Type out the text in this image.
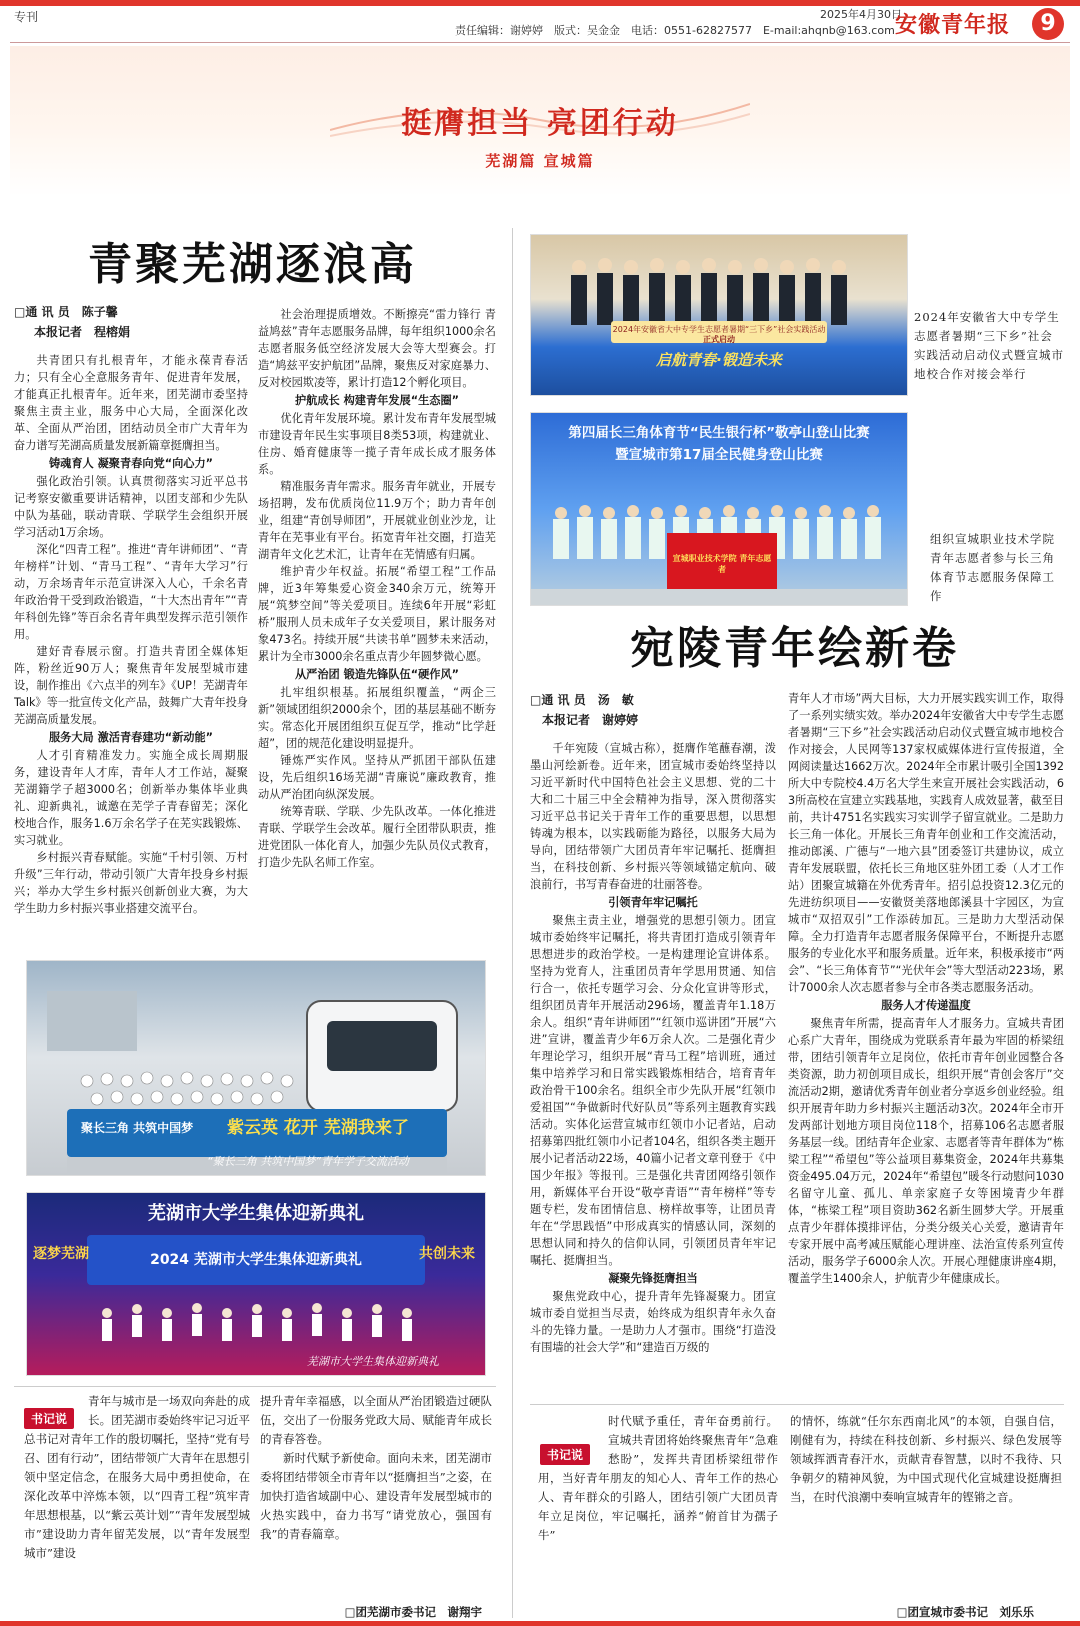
专刊	2025年4月30日
责任编辑：谢婷婷　版式：吴金金　电话：0551-62827577　E-mail:ahqnb@163.com 安徽青年报	9
挺膺担当 亮团行动
芜湖篇 宣城篇
青聚芜湖逐浪高
□通 讯 员　陈子馨
本报记者　程榕娟

共青团只有扎根青年，才能永葆青春活力；只有全心全意服务青年、促进青年发展，才能真正扎根青年。近年来，团芜湖市委坚持聚焦主责主业，服务中心大局，全面深化改革、全面从严治团，团结动员全市广大青年为奋力谱写芜湖高质量发展新篇章挺膺担当。

铸魂育人 凝聚青春向党“向心力”

强化政治引领。认真贯彻落实习近平总书记考察安徽重要讲话精神，以团支部和少先队中队为基础，联动青联、学联学生会组织开展学习活动1万余场。

深化“四青工程”。推进“青年讲师团”、“青年榜样”计划、“青马工程”、“青年大学习”行动，万余场青年示范宣讲深入人心，千余名青年政治骨干受到政治锻造，“十大杰出青年”“青年科创先锋”等百余名青年典型发挥示范引领作用。

建好青春展示窗。打造共青团全媒体矩阵，粉丝近90万人；聚焦青年发展型城市建设，制作推出《六点半的列车》《UP！芜湖青年Talk》等一批宣传文化产品，鼓舞广大青年投身芜湖高质量发展。

服务大局 激活青春建功“新动能”

人才引育精准发力。实施全成长周期服务，建设青年人才库，青年人才工作站，凝聚芜湖籍学子超3000名；创新举办集体毕业典礼、迎新典礼，诚邀在芜学子青春留芜；深化校地合作，服务1.6万余名学子在芜实践锻炼、实习就业。

乡村振兴青春赋能。实施“千村引领、万村升级”三年行动，带动引领广大青年投身乡村振兴；举办大学生乡村振兴创新创业大赛，为大学生助力乡村振兴事业搭建交流平台。

社会治理提质增效。不断擦亮“雷力锋行 青益鸠兹”青年志愿服务品牌，每年组织1000余名志愿者服务低空经济发展大会等大型赛会。打造“鸠兹平安护航团”品牌，聚焦反对家庭暴力、反对校园欺凌等，累计打造12个孵化项目。

护航成长 构建青年发展“生态圈”

优化青年发展环境。累计发布青年发展型城市建设青年民生实事项目8类53项，构建就业、住房、婚育健康等一揽子青年成长成才服务体系。

精准服务青年需求。服务青年就业，开展专场招聘，发布优质岗位11.9万个；助力青年创业，组建“青创导师团”，开展就业创业沙龙，让青年在芜事业有平台。拓宽青年社交圈，打造芜湖青年文化艺术汇，让青年在芜情感有归属。

维护青少年权益。拓展“希望工程”工作品牌，近3年筹集爱心资金340余万元，统筹开展“筑梦空间”等关爱项目。连续6年开展“彩虹桥”服刑人员未成年子女关爱项目，累计服务对象473名。持续开展“共读书单”圆梦未来活动，累计为全市3000余名重点青少年圆梦微心愿。

从严治团 锻造先锋队伍“硬作风”

扎牢组织根基。拓展组织覆盖，“两企三新”领域团组织2000余个，团的基层基础不断夯实。常态化开展团组织互促互学，推动“比学赶超”，团的规范化建设明显提升。

锤炼严实作风。坚持从严抓团干部队伍建设，先后组织16场芜湖“青廉说”廉政教育，推动从严治团向纵深发展。

统筹青联、学联、少先队改革。一体化推进青联、学联学生会改革。履行全团带队职责，推进党团队一体化育人，加强少先队员仪式教育，打造少先队名师工作室。

聚长三角 共筑中国梦 紫云英 花开 芜湖我来了
“聚长三角 共筑中国梦”青年学子交流活动
芜湖市大学生集体迎新典礼
2024 芜湖市大学生集体迎新典礼
逐梦芜湖	共创未来
芜湖市大学生集体迎新典礼
书记说
青年与城市是一场双向奔赴的成长。团芜湖市委始终牢记习近平总书记对青年工作的殷切嘱托，坚持“党有号召、团有行动”，团结带领广大青年在思想引领中坚定信念，在服务大局中勇担使命，在深化改革中淬炼本领，以“四青工程”筑牢青年思想根基，以“紫云英计划”“青年发展型城市”建设助力青年留芜发展，以“青年发展型城市”建设
提升青年幸福感，以全面从严治团锻造过硬队伍，交出了一份服务党政大局、赋能青年成长的青春答卷。

新时代赋予新使命。面向未来，团芜湖市委将团结带领全市青年以“挺膺担当”之姿，在加快打造省域副中心、建设青年发展型城市的火热实践中，奋力书写“请党放心，强国有我”的青春篇章。

□团芜湖市委书记　谢翔宇
2024年安徽省大中专学生志愿者暑期“三下乡”社会实践活动
正式启动
启航青春·锻造未来
2024年安徽省大中专学生志愿者暑期“三下乡”社会实践活动启动仪式暨宣城市地校合作对接会举行
第四届长三角体育节“民生银行杯”敬亭山登山比赛
暨宣城市第17届全民健身登山比赛
宣城职业技术学院 青年志愿者
组织宣城职业技术学院青年志愿者参与长三角体育节志愿服务保障工作
宛陵青年绘新卷
□通 讯 员　汤　敏
本报记者　谢婷婷

千年宛陵（宣城古称），挺膺作笔蘸春潮，泼墨山河绘新卷。近年来，团宣城市委始终坚持以习近平新时代中国特色社会主义思想、党的二十大和二十届三中全会精神为指导，深入贯彻落实习近平总书记关于青年工作的重要思想，以思想铸魂为根本，以实践砺能为路径，以服务大局为导向，团结带领广大团员青年牢记嘱托、挺膺担当，在科技创新、乡村振兴等领域锚定航向、破浪前行，书写青春奋进的壮丽答卷。

引领青年牢记嘱托

聚焦主责主业，增强党的思想引领力。团宣城市委始终牢记嘱托，将共青团打造成引领青年思想进步的政治学校。一是构建理论宣讲体系。坚持为党育人，注重团员青年学思用贯通、知信行合一，依托专题学习会、分众化宣讲等形式，组织团员青年开展活动296场，覆盖青年1.18万余人。组织“青年讲师团”“红领巾巡讲团”开展“六进”宣讲，覆盖青少年6万余人次。二是强化青少年理论学习，组织开展“青马工程”培训班，通过集中培养学习和日常实践锻炼相结合，培育青年政治骨干100余名。组织全市少先队开展“红领巾爱祖国”“争做新时代好队员”等系列主题教育实践活动。实体化运营宣城市红领巾小记者站，启动招募第四批红领巾小记者104名，组织各类主题开展小记者活动22场，40篇小记者文章刊登于《中国少年报》等报刊。三是强化共青团网络引领作用，新媒体平台开设“敬亭青语”“青年榜样”等专题专栏，发布团情信息、榜样故事等，让团员青年在“学思践悟”中形成真实的情感认同，深刻的思想认同和持久的信仰认同，引领团员青年牢记嘱托、挺膺担当。

凝聚先锋挺膺担当

聚焦党政中心，提升青年先锋凝聚力。团宣城市委自觉担当尽责，始终成为组织青年永久奋斗的先锋力量。一是助力人才强市。围绕“打造没有围墙的社会大学”和“建造百万级的

青年人才市场”两大目标，大力开展实践实训工作，取得了一系列实绩实效。举办2024年安徽省大中专学生志愿者暑期“三下乡”社会实践活动启动仪式暨宣城市地校合作对接会，人民网等137家权威媒体进行宣传报道，全网阅读量达1662万次。2024年全市累计吸引全国1392所大中专院校4.4万名大学生来宣开展社会实践活动，63所高校在宣建立实践基地，实践育人成效显著，截至目前，共计4751名实践实习实训学子留宣就业。二是助力长三角一体化。开展长三角青年创业和工作交流活动，推动郎溪、广德与“一地六县”团委签订共建协议，成立青年发展联盟，依托长三角地区驻外团工委（人才工作站）团聚宣城籍在外优秀青年。招引总投资12.3亿元的先进纺织项目——安徽贤美落地郎溪县十字园区，为宣城市“双招双引”工作添砖加瓦。三是助力大型活动保障。全力打造青年志愿者服务保障平台，不断提升志愿服务的专业化水平和服务质量。近年来，积极承接市“两会”、“长三角体育节”“光伏年会”等大型活动223场，累计7000余人次志愿者参与全市各类志愿服务活动。

服务人才传递温度

聚焦青年所需，提高青年人才服务力。宣城共青团心系广大青年，围绕成为党联系青年最为牢固的桥梁纽带，团结引领青年立足岗位，依托市青年创业园整合各类资源，助力初创项目成长，组织开展“青创会客厅”交流活动2期，邀请优秀青年创业者分享返乡创业经验。组织开展青年助力乡村振兴主题活动3次。2024年全市开发两部计划地方项目岗位118个，招募106名志愿者服务基层一线。团结青年企业家、志愿者等青年群体为“栋梁工程”“希望包”等公益项目募集资金，2024年共募集资金495.04万元，2024年“希望包”暖冬行动慰问1030名留守儿童、孤儿、单亲家庭子女等困境青少年群体，“栋梁工程”项目资助362名新生圆梦大学。开展重点青少年群体摸排评估，分类分级关心关爱，邀请青年专家开展中高考减压赋能心理讲座、法治宣传系列宣传活动，服务学子6000余人次。开展心理健康讲座4期，覆盖学生1400余人，护航青少年健康成长。

书记说
时代赋予重任，青年奋勇前行。宣城共青团将始终聚焦青年“急难愁盼”，发挥共青团桥梁纽带作用，当好青年朋友的知心人、青年工作的热心人、青年群众的引路人，团结引领广大团员青年立足岗位，牢记嘱托，涵养“俯首甘为孺子牛”
的情怀，练就“任尔东西南北风”的本领，自强自信，刚健有为，持续在科技创新、乡村振兴、绿色发展等领域挥洒青春汗水，贡献青春智慧，以时不我待、只争朝夕的精神风貌，为中国式现代化宣城建设挺膺担当，在时代浪潮中奏响宣城青年的铿锵之音。
□团宣城市委书记　刘乐乐
